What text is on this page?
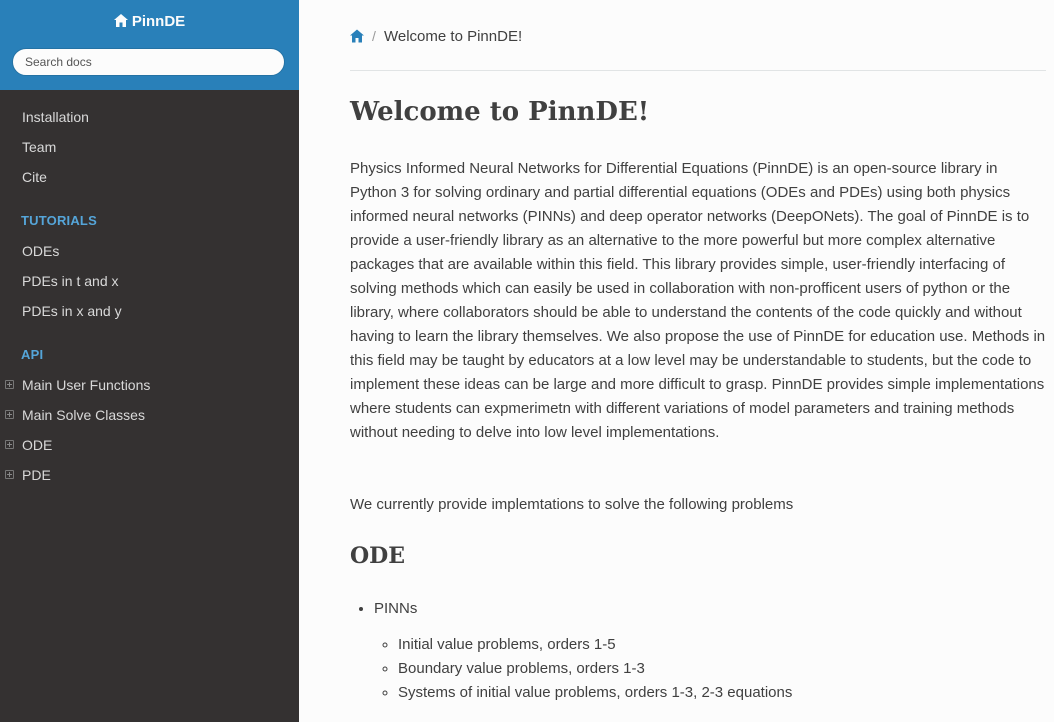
PinnDE
Search docs
Installation
Team
Cite
TUTORIALS
ODEs
PDEs in t and x
PDEs in x and y
API
Main User Functions
Main Solve Classes
ODE
PDE
/ Welcome to PinnDE!
Welcome to PinnDE!

Physics Informed Neural Networks for Differential Equations (PinnDE) is an open-source library in Python 3 for solving ordinary and partial differential equations (ODEs and PDEs) using both physics informed neural networks (PINNs) and deep operator networks (DeepONets). The goal of PinnDE is to provide a user-friendly library as an alternative to the more powerful but more complex alternative packages that are available within this field. This library provides simple, user-friendly interfacing of solving methods which can easily be used in collaboration with non-profficent users of python or the library, where collaborators should be able to understand the contents of the code quickly and without having to learn the library themselves. We also propose the use of PinnDE for education use. Methods in this field may be taught by educators at a low level may be understandable to students, but the code to implement these ideas can be large and more difficult to grasp. PinnDE provides simple implementations where students can expmerimetn with different variations of model parameters and training methods without needing to delve into low level implementations.

We currently provide implemtations to solve the following problems

ODE
• PINNs
◦ Initial value problems, orders 1-5
◦ Boundary value problems, orders 1-3
◦ Systems of initial value problems, orders 1-3, 2-3 equations
